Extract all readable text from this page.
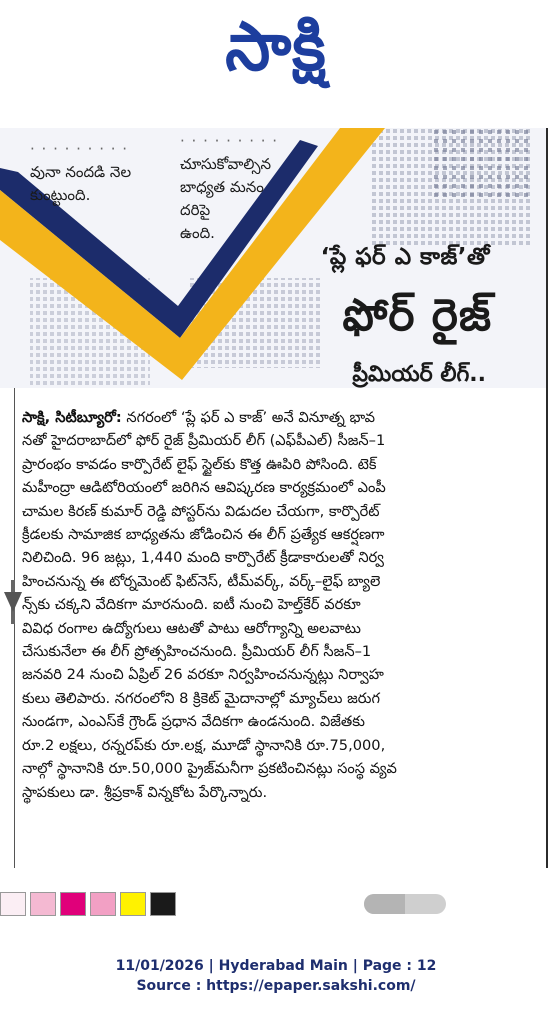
సాక్షి
· · · · · · · · ·
వునా నందడి నెల
కుంట్టుంది.
· · · · · · · · ·
చూసుకోవాల్సిన
బాధ్యత మనం
దరిపై
ఉంది.
‘ప్లే ఫర్ ఎ కాజ్’తో
ఫోర్ రైజ్
ప్రీమియర్ లీగ్..
సాక్షి, సిటీబ్యూరో: నగరంలో ‘ప్లే ఫర్ ఎ కాజ్’ అనే వినూత్న భావ
నతో హైదరాబాద్‌లో ఫోర్ రైజ్ ప్రీమియర్ లీగ్ (ఎఫ్‌పీఎల్) సీజన్–1
ప్రారంభం కావడం కార్పొరేట్ లైఫ్ స్టైల్‌కు కొత్త ఊపిరి పోసింది. టెక్
మహీంద్రా ఆడిటోరియంలో జరిగిన ఆవిష్కరణ కార్యక్రమంలో ఎంపీ
చామల కిరణ్ కుమార్ రెడ్డి పోస్టర్‌ను విడుదల చేయగా, కార్పొరేట్
క్రీడలకు సామాజిక బాధ్యతను జోడించిన ఈ లీగ్ ప్రత్యేక ఆకర్షణగా
నిలిచింది. 96 జట్లు, 1,440 మంది కార్పొరేట్ క్రీడాకారులతో నిర్వ
హించనున్న ఈ టోర్నమెంట్ ఫిట్‌నెస్, టీమ్‌వర్క్, వర్క్–లైఫ్ బ్యాలె
న్స్‌కు చక్కని వేదికగా మారనుంది. ఐటీ నుంచి హెల్త్‌కేర్ వరకూ
వివిధ రంగాల ఉద్యోగులు ఆటతో పాటు ఆరోగ్యాన్ని అలవాటు
చేసుకునేలా ఈ లీగ్ ప్రోత్సహించనుంది. ప్రీమియర్ లీగ్ సీజన్–1
జనవరి 24 నుంచి ఏప్రిల్ 26 వరకూ నిర్వహించనున్నట్లు నిర్వాహ
కులు తెలిపారు. నగరంలోని 8 క్రికెట్ మైదానాల్లో మ్యాచ్‌లు జరుగ
నుండగా, ఎంఎస్‌కే గ్రౌండ్ ప్రధాన వేదికగా ఉండనుంది. విజేతకు
రూ.2 లక్షలు, రన్నరప్‌కు రూ.లక్ష, మూడో స్థానానికి రూ.75,000,
నాల్గో స్థానానికి రూ.50,000 ప్రైజ్‌మనీగా ప్రకటించినట్లు సంస్థ వ్యవ
స్థాపకులు డా. శ్రీప్రకాశ్ విన్నకోట పేర్కొన్నారు.
11/01/2026 | Hyderabad Main | Page : 12
Source : https://epaper.sakshi.com/
